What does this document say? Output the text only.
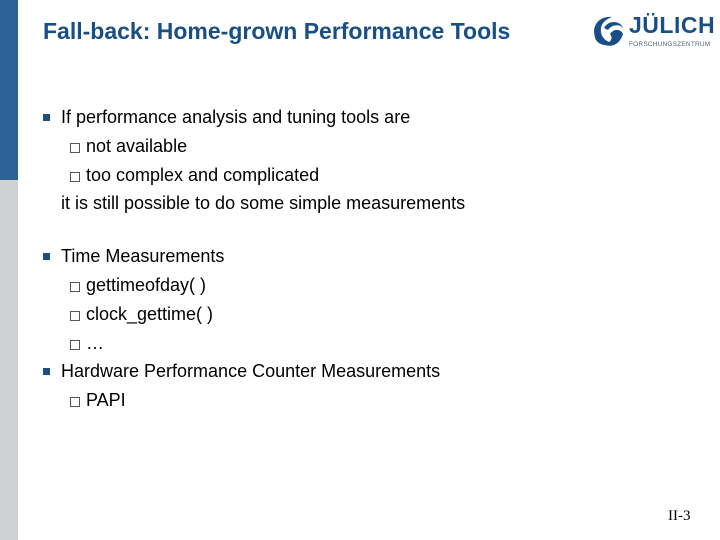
Fall-back: Home-grown Performance Tools	JÜLICH
FORSCHUNGSZENTRUM
If performance analysis and tuning tools are
not available
too complex and complicated
it is still possible to do some simple measurements
Time Measurements
gettimeofday( )
clock_gettime( )
…
Hardware Performance Counter Measurements
PAPI
II-3
